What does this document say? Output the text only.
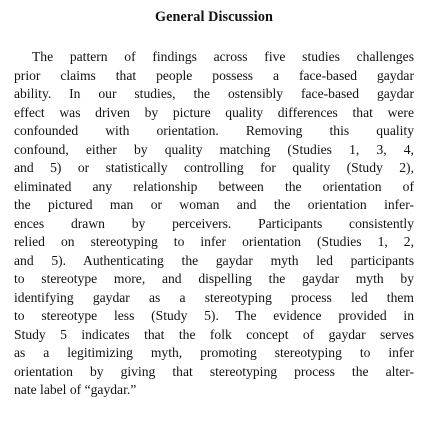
General Discussion
The pattern of findings across five studies challenges
prior claims that people possess a face-based gaydar
ability. In our studies, the ostensibly face-based gaydar
effect was driven by picture quality differences that were
confounded with orientation. Removing this quality
confound, either by quality matching (Studies 1, 3, 4,
and 5) or statistically controlling for quality (Study 2),
eliminated any relationship between the orientation of
the pictured man or woman and the orientation infer-
ences drawn by perceivers. Participants consistently
relied on stereotyping to infer orientation (Studies 1, 2,
and 5). Authenticating the gaydar myth led participants
to stereotype more, and dispelling the gaydar myth by
identifying gaydar as a stereotyping process led them
to stereotype less (Study 5). The evidence provided in
Study 5 indicates that the folk concept of gaydar serves
as a legitimizing myth, promoting stereotyping to infer
orientation by giving that stereotyping process the alter-
nate label of “gaydar.”
